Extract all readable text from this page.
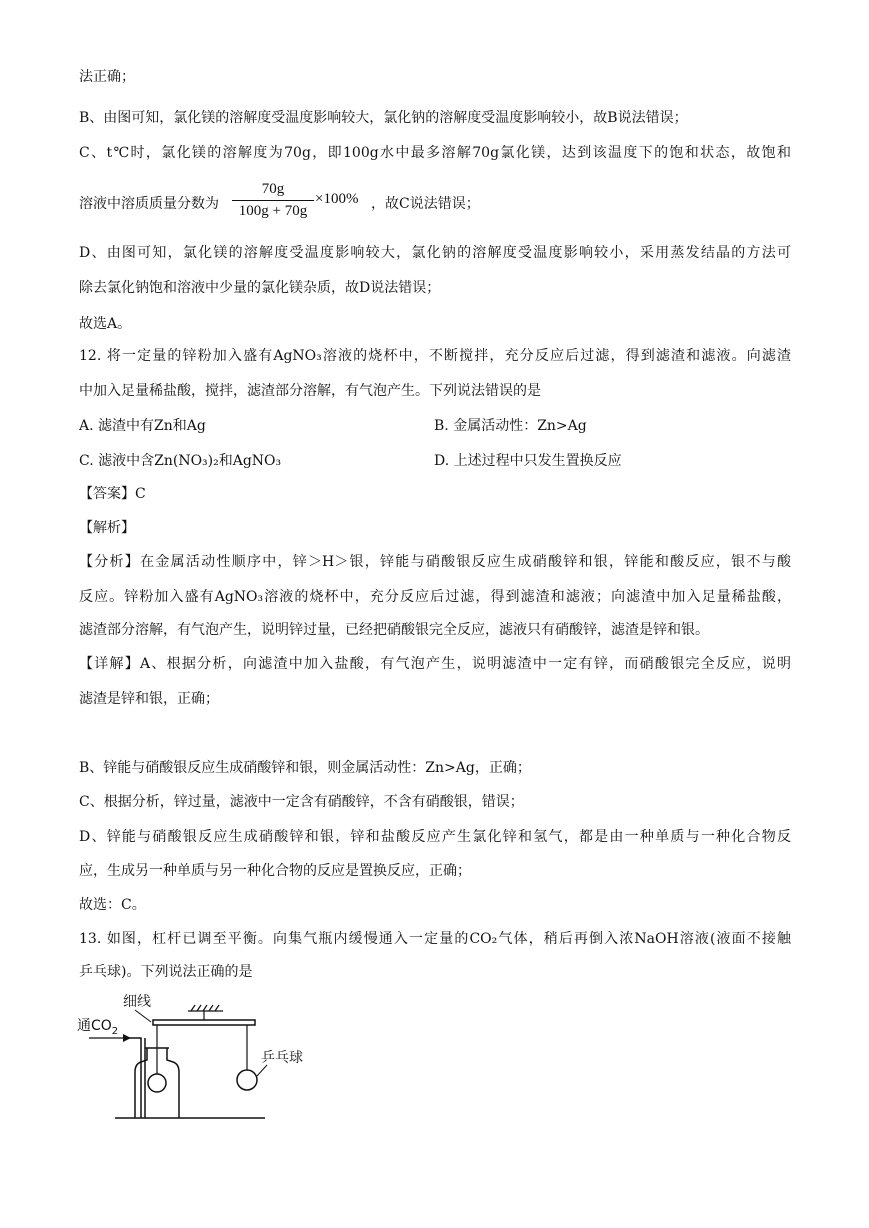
法正确；
B、由图可知，氯化镁的溶解度受温度影响较大，氯化钠的溶解度受温度影响较小，故B说法错误；
C、t℃时，氯化镁的溶解度为70g，即100g水中最多溶解70g氯化镁，达到该温度下的饱和状态，故饱和
溶液中溶质质量分数为
70g
100g + 70g
×100% ，故C说法错误；
D、由图可知，氯化镁的溶解度受温度影响较大，氯化钠的溶解度受温度影响较小，采用蒸发结晶的方法可
除去氯化钠饱和溶液中少量的氯化镁杂质，故D说法错误；
故选A。
12. 将一定量的锌粉加入盛有AgNO₃溶液的烧杯中，不断搅拌，充分反应后过滤，得到滤渣和滤液。向滤渣
中加入足量稀盐酸，搅拌，滤渣部分溶解，有气泡产生。下列说法错误的是
A. 滤渣中有Zn和Ag	B. 金属活动性：Zn>Ag
C. 滤液中含Zn(NO₃)₂和AgNO₃	D. 上述过程中只发生置换反应
【答案】C
【解析】
【分析】在金属活动性顺序中，锌＞H＞银，锌能与硝酸银反应生成硝酸锌和银，锌能和酸反应，银不与酸
反应。锌粉加入盛有AgNO₃溶液的烧杯中，充分反应后过滤，得到滤渣和滤液；向滤渣中加入足量稀盐酸，
滤渣部分溶解，有气泡产生，说明锌过量，已经把硝酸银完全反应，滤液只有硝酸锌，滤渣是锌和银。
【详解】A、根据分析，向滤渣中加入盐酸，有气泡产生，说明滤渣中一定有锌，而硝酸银完全反应，说明
滤渣是锌和银，正确；
B、锌能与硝酸银反应生成硝酸锌和银，则金属活动性：Zn>Ag，正确；
C、根据分析，锌过量，滤液中一定含有硝酸锌，不含有硝酸银，错误；
D、锌能与硝酸银反应生成硝酸锌和银，锌和盐酸反应产生氯化锌和氢气，都是由一种单质与一种化合物反
应，生成另一种单质与另一种化合物的反应是置换反应，正确；
故选：C。
13. 如图，杠杆已调至平衡。向集气瓶内缓慢通入一定量的CO₂气体，稍后再倒入浓NaOH溶液(液面不接触
乒乓球)。下列说法正确的是
细线
通$CO_2$
乒乓球
